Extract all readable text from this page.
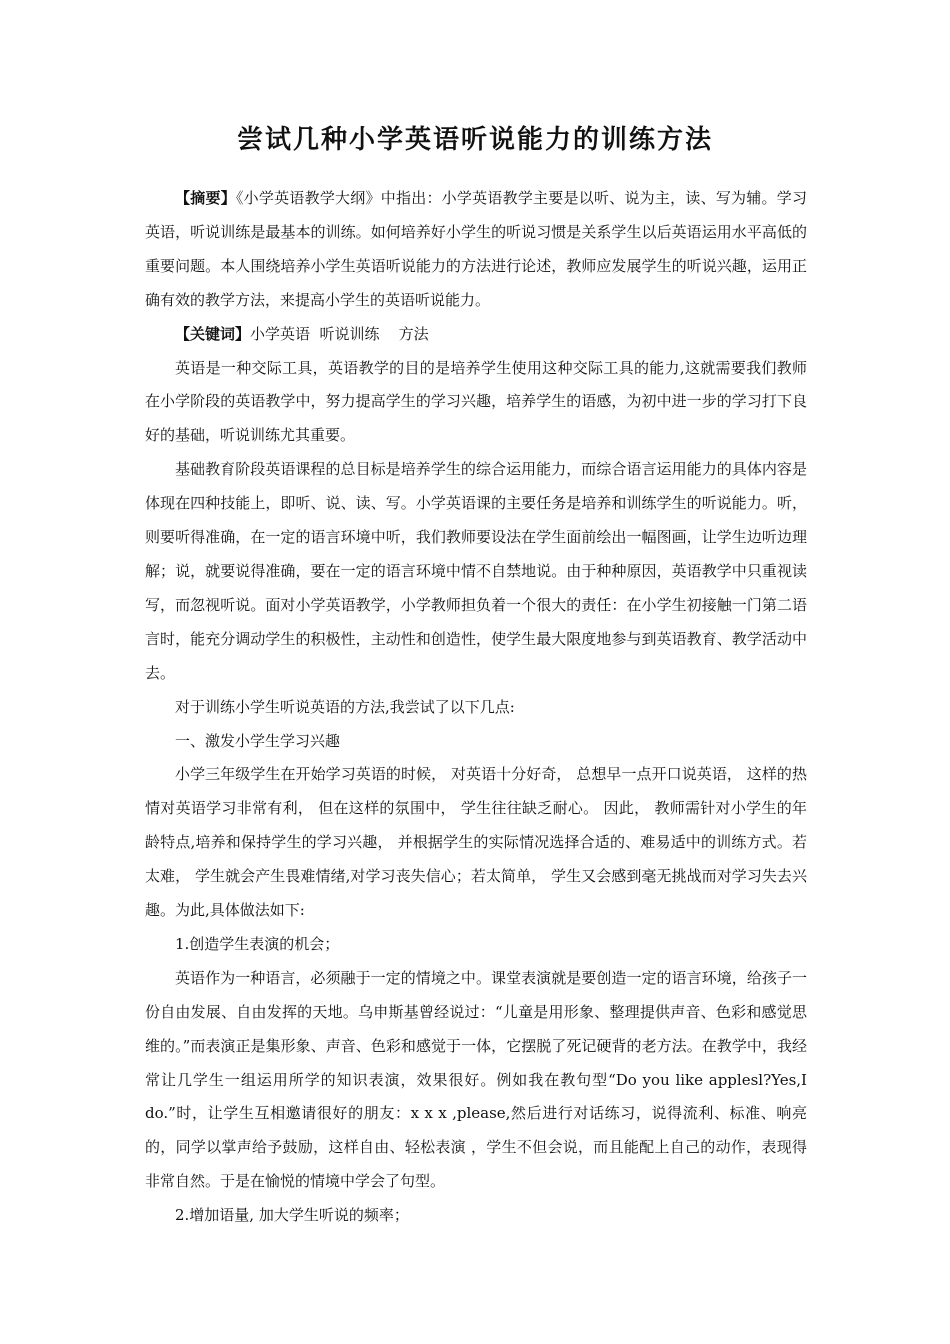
尝试几种小学英语听说能力的训练方法

【摘要】《小学英语教学大纲》中指出：小学英语教学主要是以听、说为主，读、写为辅。学习英语，听说训练是最基本的训练。如何培养好小学生的听说习惯是关系学生以后英语运用水平高低的重要问题。本人围绕培养小学生英语听说能力的方法进行论述，教师应发展学生的听说兴趣，运用正确有效的教学方法，来提高小学生的英语听说能力。

【关键词】小学英语  听说训练    方法

英语是一种交际工具，英语教学的目的是培养学生使用这种交际工具的能力,这就需要我们教师在小学阶段的英语教学中，努力提高学生的学习兴趣，培养学生的语感，为初中进一步的学习打下良好的基础，听说训练尤其重要。

基础教育阶段英语课程的总目标是培养学生的综合运用能力，而综合语言运用能力的具体内容是体现在四种技能上，即听、说、读、写。小学英语课的主要任务是培养和训练学生的听说能力。听，则要听得准确，在一定的语言环境中听，我们教师要设法在学生面前绘出一幅图画，让学生边听边理解；说，就要说得准确，要在一定的语言环境中情不自禁地说。由于种种原因，英语教学中只重视读写，而忽视听说。面对小学英语教学，小学教师担负着一个很大的责任：在小学生初接触一门第二语言时，能充分调动学生的积极性，主动性和创造性，使学生最大限度地参与到英语教育、教学活动中去。

对于训练小学生听说英语的方法,我尝试了以下几点:

一、激发小学生学习兴趣

小学三年级学生在开始学习英语的时候， 对英语十分好奇， 总想早一点开口说英语， 这样的热情对英语学习非常有利， 但在这样的氛围中， 学生往往缺乏耐心。 因此， 教师需针对小学生的年龄特点,培养和保持学生的学习兴趣， 并根据学生的实际情况选择合适的、难易适中的训练方式。若太难， 学生就会产生畏难情绪,对学习丧失信心；若太简单， 学生又会感到毫无挑战而对学习失去兴趣。为此,具体做法如下:

1.创造学生表演的机会；

英语作为一种语言，必须融于一定的情境之中。课堂表演就是要创造一定的语言环境，给孩子一份自由发展、自由发挥的天地。乌申斯基曾经说过：“儿童是用形象、整理提供声音、色彩和感觉思维的。”而表演正是集形象、声音、色彩和感觉于一体，它摆脱了死记硬背的老方法。在教学中，我经常让几学生一组运用所学的知识表演，效果很好。例如我在教句型“Do you like applesl?Yes,I do.”时，让学生互相邀请很好的朋友：x x x ,please,然后进行对话练习，说得流利、标准、响亮的，同学以掌声给予鼓励，这样自由、轻松表演 ，学生不但会说，而且能配上自己的动作，表现得非常自然。于是在愉悦的情境中学会了句型。

2.增加语量, 加大学生听说的频率；
